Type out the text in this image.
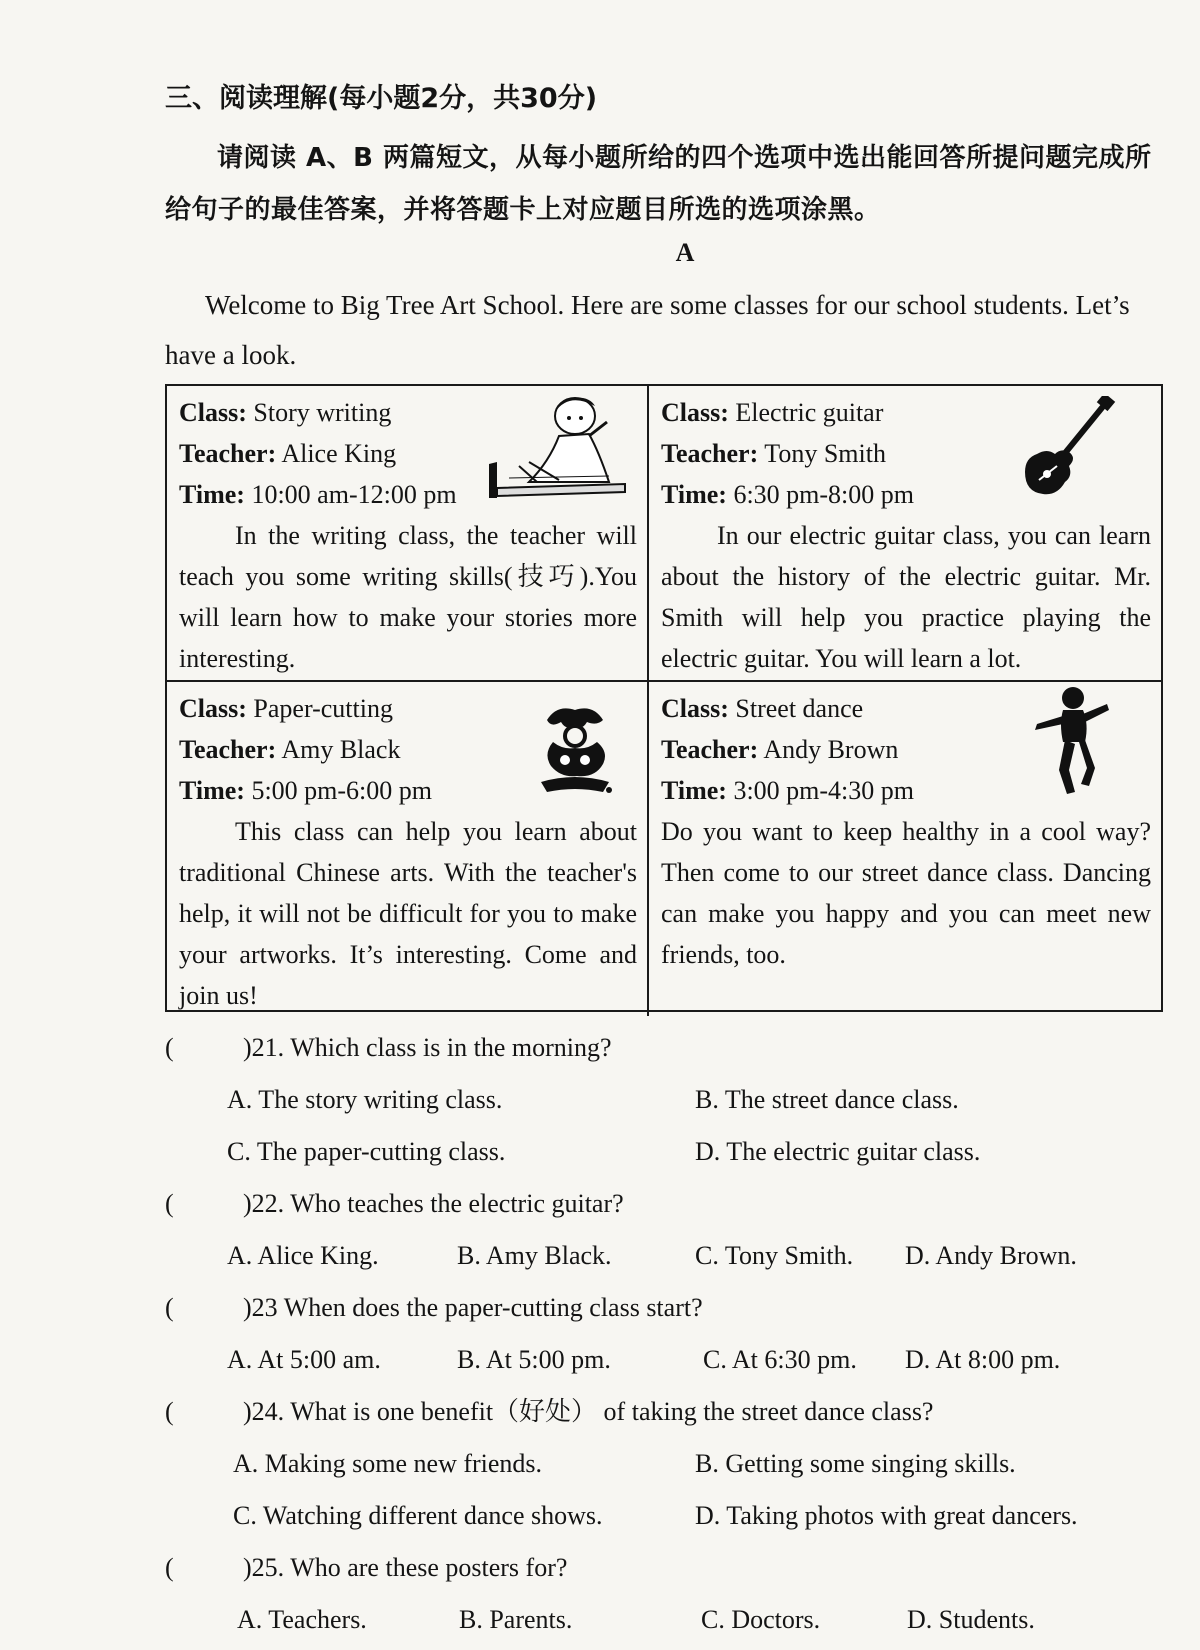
三、阅读理解(每小题2分，共30分)
请阅读 A、B 两篇短文，从每小题所给的四个选项中选出能回答所提问题完成所给句子的最佳答案，并将答题卡上对应题目所选的选项涂黑。
A
Welcome to Big Tree Art School. Here are some classes for our school students. Let’s have a look.
Class: Story writing
Teacher: Alice King
Time: 10:00 am-12:00 pm
In the writing class, the teacher will teach you some writing skills(技巧).You will learn how to make your stories more interesting.
Class: Electric guitar
Teacher: Tony Smith
Time: 6:30 pm-8:00 pm
In our electric guitar class, you can learn about the history of the electric guitar. Mr. Smith will help you practice playing the electric guitar. You will learn a lot.
Class: Paper-cutting
Teacher: Amy Black
Time: 5:00 pm-6:00 pm
This class can help you learn about traditional Chinese arts. With the teacher's help, it will not be difficult for you to make your artworks. It’s interesting. Come and join us!
Class: Street dance
Teacher: Andy Brown
Time: 3:00 pm-4:30 pm
Do you want to keep healthy in a cool way? Then come to our street dance class. Dancing can make you happy and you can meet new friends, too.
(	)21. Which class is in the morning?
A. The story writing class.	B. The street dance class.
C. The paper-cutting class.	D. The electric guitar class.
(	)22. Who teaches the electric guitar?
A. Alice King.	B. Amy Black.	C. Tony Smith. D. Andy Brown.
(	)23 When does the paper-cutting class start?
A. At 5:00 am.	B. At 5:00 pm.	C. At 6:30 pm. D. At 8:00 pm.
(	)24. What is one benefit（好处） of taking the street dance class?
A. Making some new friends.	B. Getting some singing skills.
C. Watching different dance shows.	D. Taking photos with great dancers.
(	)25. Who are these posters for?
A. Teachers.	B. Parents.	C. Doctors.	D. Students.
